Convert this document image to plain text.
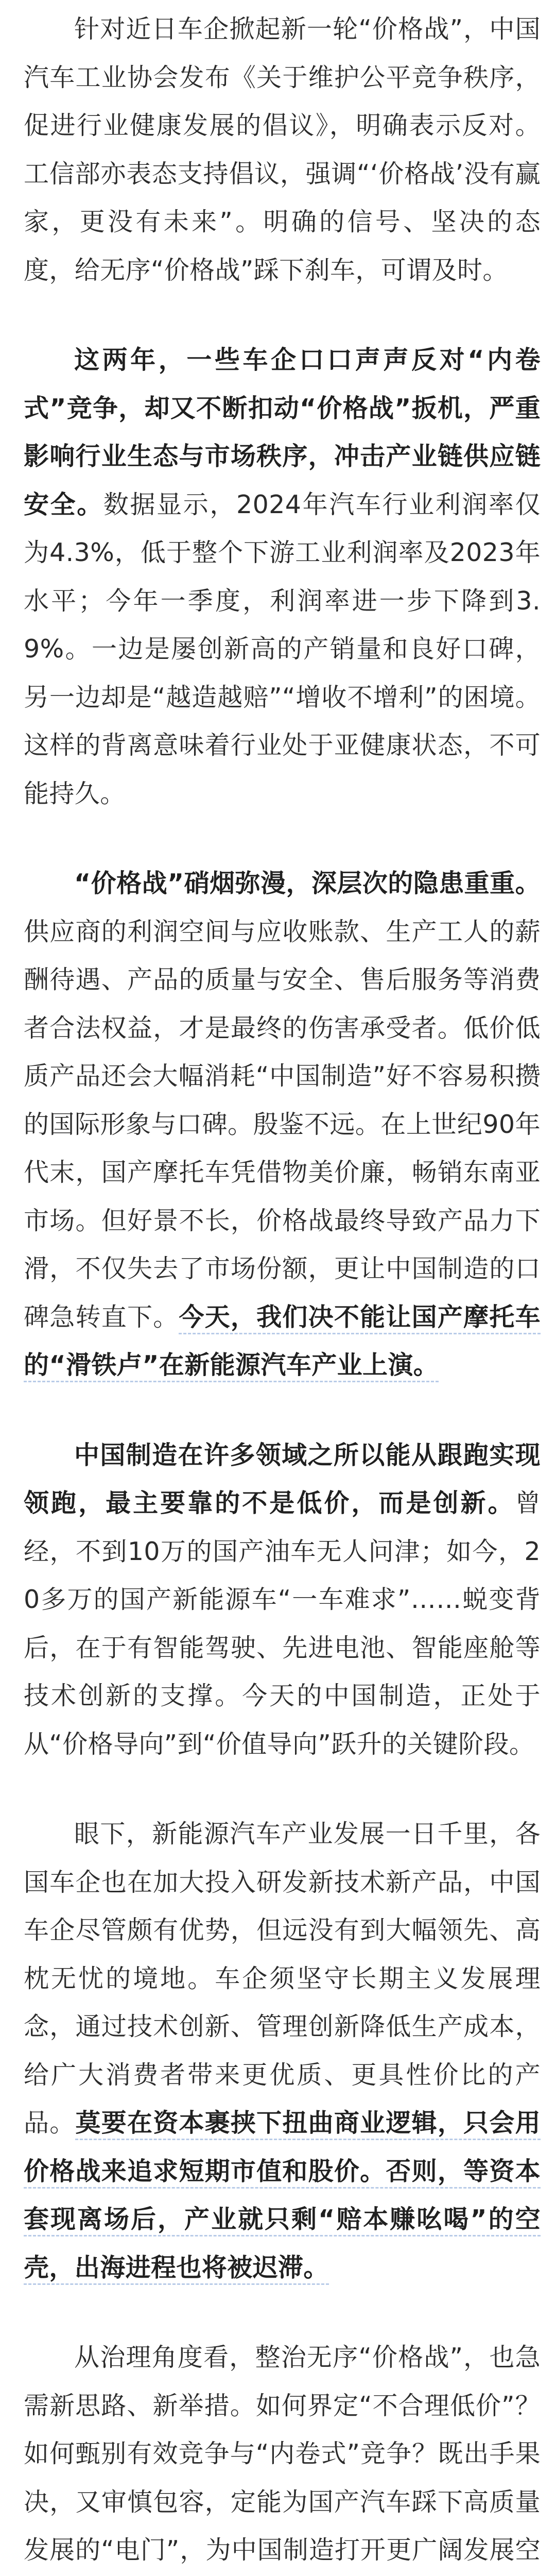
针对近日车企掀起新一轮“价格战”，中国汽车工业协会发布《关于维护公平竞争秩序，促进行业健康发展的倡议》，明确表示反对。工信部亦表态支持倡议，强调“‘价格战’没有赢家，更没有未来”。明确的信号、坚决的态度，给无序“价格战”踩下刹车，可谓及时。

这两年，一些车企口口声声反对“内卷式”竞争，却又不断扣动“价格战”扳机，严重影响行业生态与市场秩序，冲击产业链供应链安全。数据显示，2024年汽车行业利润率仅为4.3%，低于整个下游工业利润率及2023年水平；今年一季度，利润率进一步下降到3.9%。一边是屡创新高的产销量和良好口碑，另一边却是“越造越赔”“增收不增利”的困境。这样的背离意味着行业处于亚健康状态，不可能持久。

“价格战”硝烟弥漫，深层次的隐患重重。供应商的利润空间与应收账款、生产工人的薪酬待遇、产品的质量与安全、售后服务等消费者合法权益，才是最终的伤害承受者。低价低质产品还会大幅消耗“中国制造”好不容易积攒的国际形象与口碑。殷鉴不远。在上世纪90年代末，国产摩托车凭借物美价廉，畅销东南亚市场。但好景不长，价格战最终导致产品力下滑，不仅失去了市场份额，更让中国制造的口碑急转直下。今天，我们决不能让国产摩托车的“滑铁卢”在新能源汽车产业上演。

中国制造在许多领域之所以能从跟跑实现领跑，最主要靠的不是低价，而是创新。曾经，不到10万的国产油车无人问津；如今，20多万的国产新能源车“一车难求”……蜕变背后，在于有智能驾驶、先进电池、智能座舱等技术创新的支撑。今天的中国制造，正处于从“价格导向”到“价值导向”跃升的关键阶段。

眼下，新能源汽车产业发展一日千里，各国车企也在加大投入研发新技术新产品，中国车企尽管颇有优势，但远没有到大幅领先、高枕无忧的境地。车企须坚守长期主义发展理念，通过技术创新、管理创新降低生产成本，给广大消费者带来更优质、更具性价比的产品。莫要在资本裹挟下扭曲商业逻辑，只会用价格战来追求短期市值和股价。否则，等资本套现离场后，产业就只剩“赔本赚吆喝”的空壳，出海进程也将被迟滞。

从治理角度看，整治无序“价格战”，也急需新思路、新举措。如何界定“不合理低价”？如何甄别有效竞争与“内卷式”竞争？既出手果决，又审慎包容，定能为国产汽车踩下高质量发展的“电门”，为中国制造打开更广阔发展空
